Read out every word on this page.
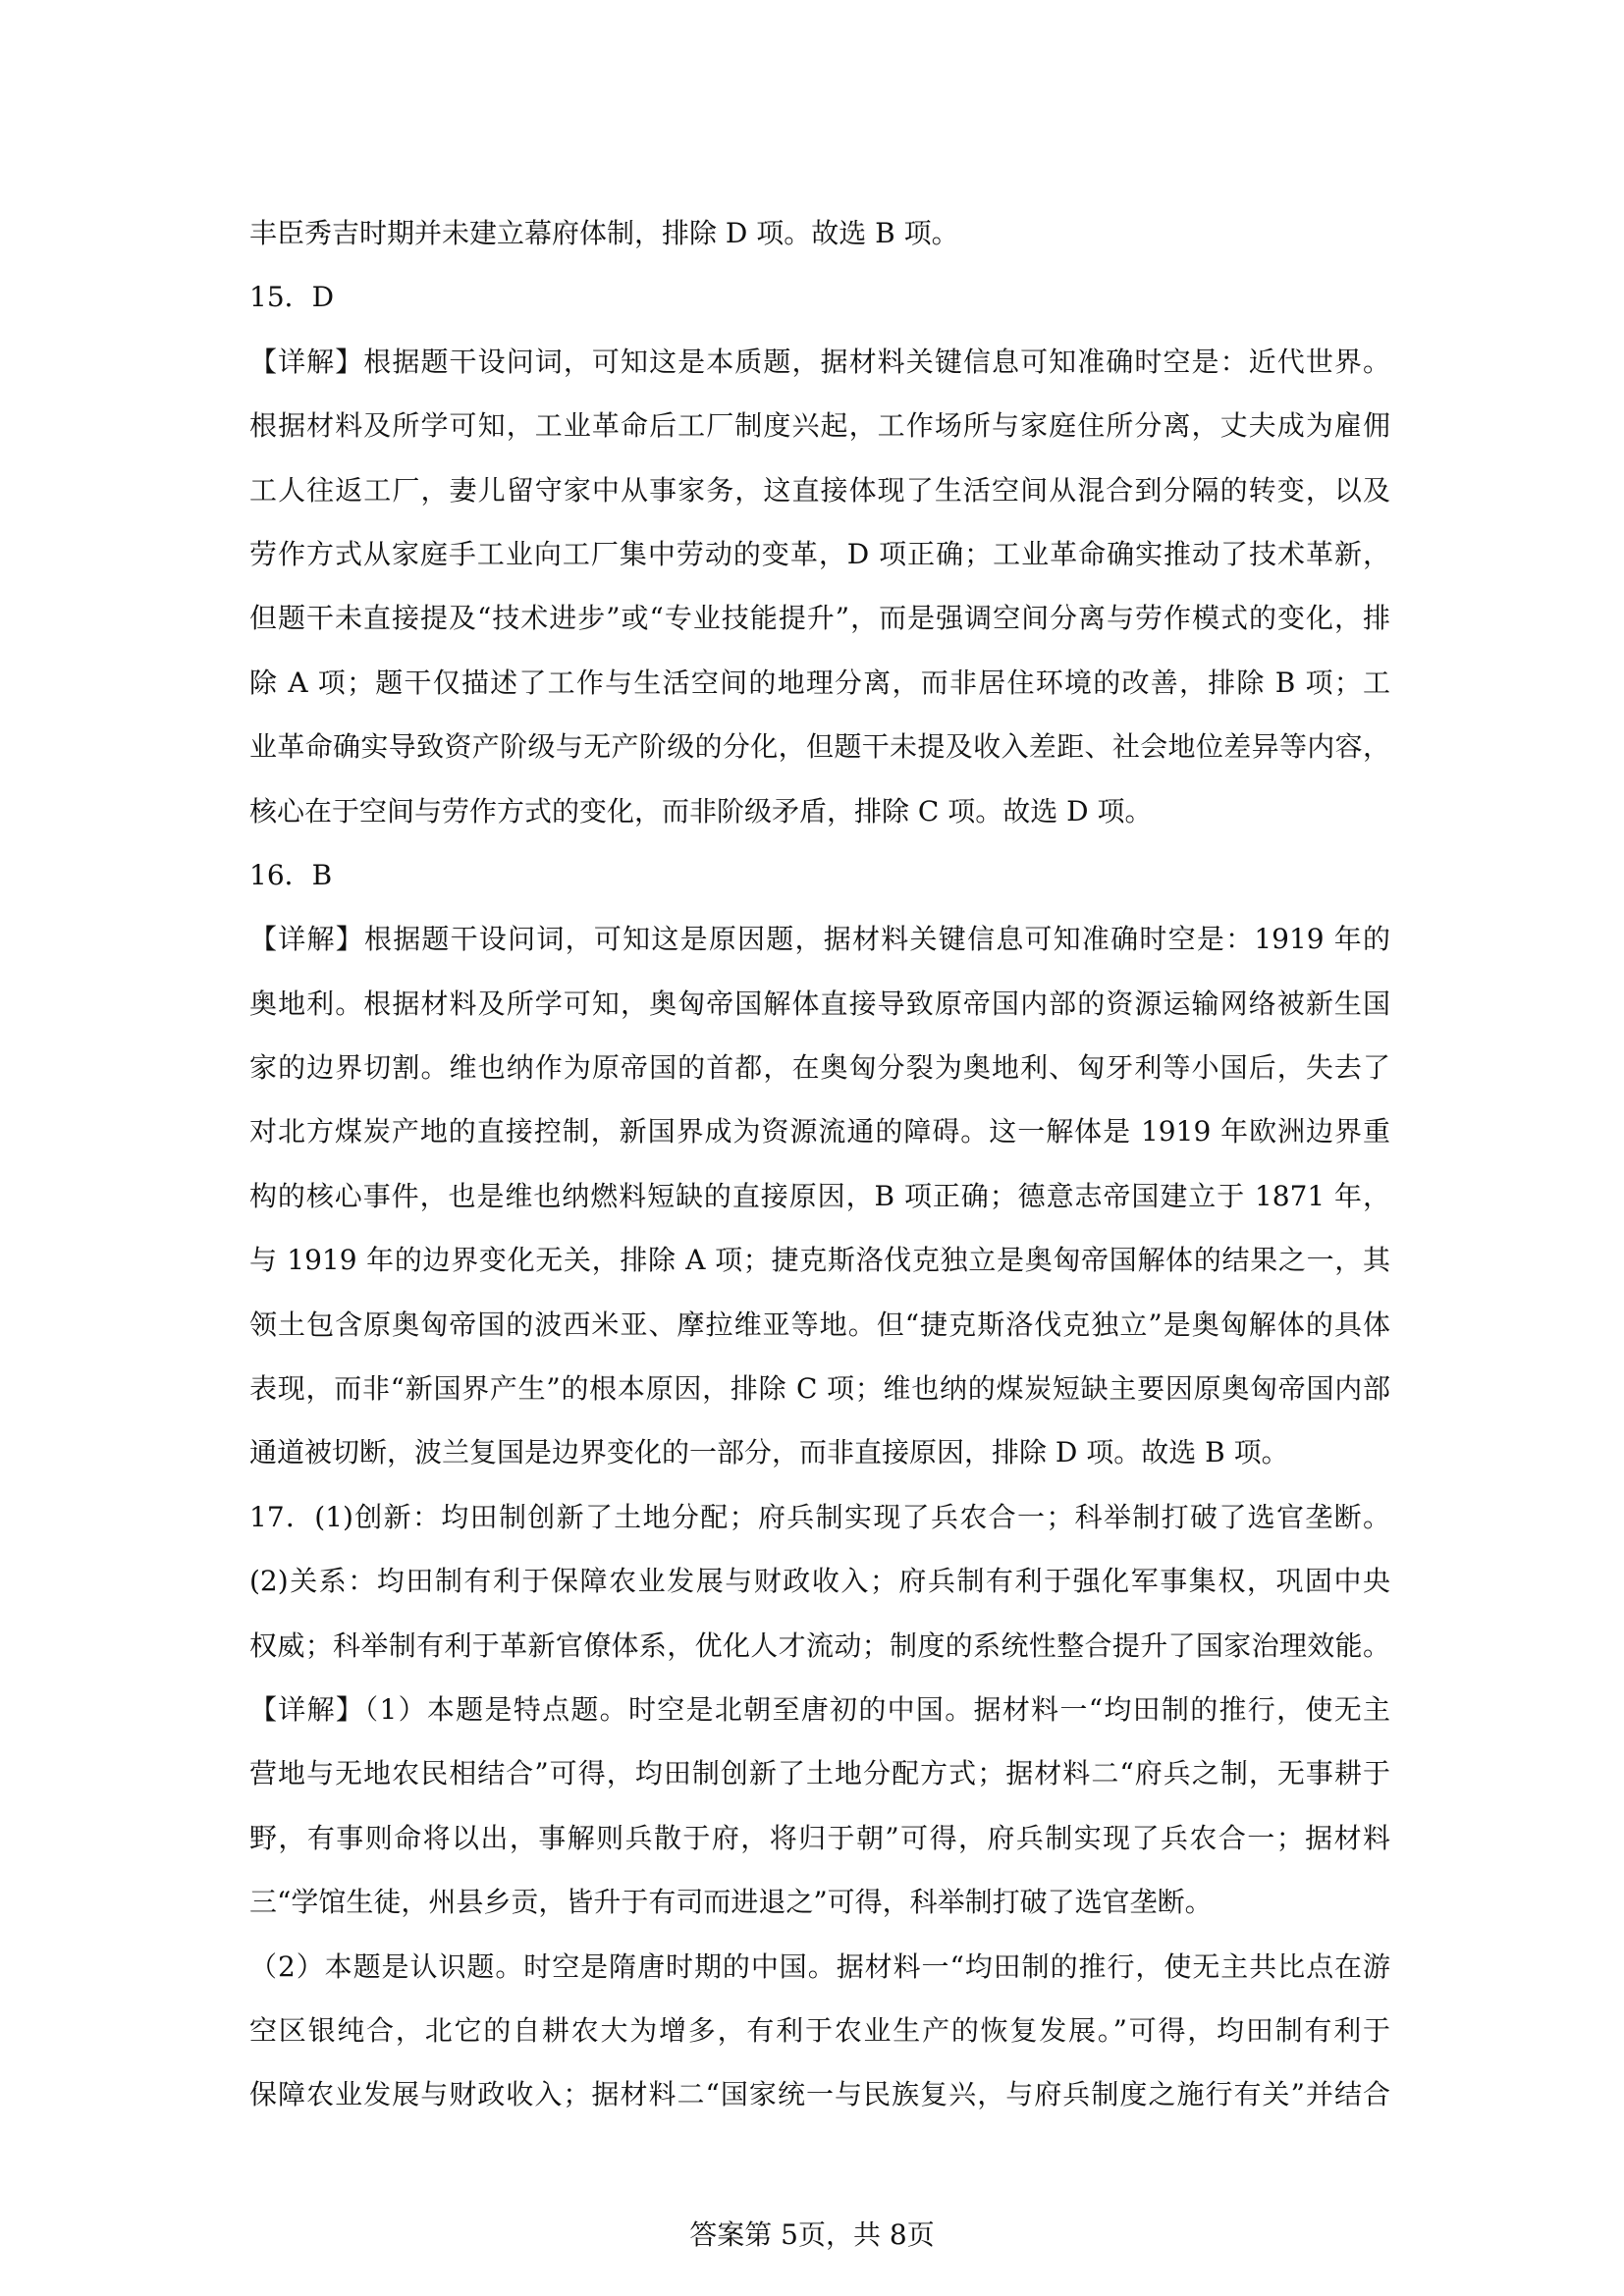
丰臣秀吉时期并未建立幕府体制，排除 D 项。故选 B 项。
15．D
【详解】根据题干设问词，可知这是本质题，据材料关键信息可知准确时空是：近代世界。
根据材料及所学可知，工业革命后工厂制度兴起，工作场所与家庭住所分离，丈夫成为雇佣
工人往返工厂，妻儿留守家中从事家务，这直接体现了生活空间从混合到分隔的转变，以及
劳作方式从家庭手工业向工厂集中劳动的变革，D 项正确；工业革命确实推动了技术革新，
但题干未直接提及“技术进步”或“专业技能提升”，而是强调空间分离与劳作模式的变化，排
除 A 项；题干仅描述了工作与生活空间的地理分离，而非居住环境的改善，排除 B 项；工
业革命确实导致资产阶级与无产阶级的分化，但题干未提及收入差距、社会地位差异等内容，
核心在于空间与劳作方式的变化，而非阶级矛盾，排除 C 项。故选 D 项。
16．B
【详解】根据题干设问词，可知这是原因题，据材料关键信息可知准确时空是：1919 年的
奥地利。根据材料及所学可知，奥匈帝国解体直接导致原帝国内部的资源运输网络被新生国
家的边界切割。维也纳作为原帝国的首都，在奥匈分裂为奥地利、匈牙利等小国后，失去了
对北方煤炭产地的直接控制，新国界成为资源流通的障碍。这一解体是 1919 年欧洲边界重
构的核心事件，也是维也纳燃料短缺的直接原因，B 项正确；德意志帝国建立于 1871 年，
与 1919 年的边界变化无关，排除 A 项；捷克斯洛伐克独立是奥匈帝国解体的结果之一，其
领土包含原奥匈帝国的波西米亚、摩拉维亚等地。但“捷克斯洛伐克独立”是奥匈解体的具体
表现，而非“新国界产生”的根本原因，排除 C 项；维也纳的煤炭短缺主要因原奥匈帝国内部
通道被切断，波兰复国是边界变化的一部分，而非直接原因，排除 D 项。故选 B 项。
17．(1)创新：均田制创新了土地分配；府兵制实现了兵农合一；科举制打破了选官垄断。
(2)关系：均田制有利于保障农业发展与财政收入；府兵制有利于强化军事集权，巩固中央
权威；科举制有利于革新官僚体系，优化人才流动；制度的系统性整合提升了国家治理效能。
【详解】（1）本题是特点题。时空是北朝至唐初的中国。据材料一“均田制的推行，使无主
营地与无地农民相结合”可得，均田制创新了土地分配方式；据材料二“府兵之制，无事耕于
野，有事则命将以出，事解则兵散于府，将归于朝”可得，府兵制实现了兵农合一；据材料
三“学馆生徒，州县乡贡，皆升于有司而进退之”可得，科举制打破了选官垄断。
（2）本题是认识题。时空是隋唐时期的中国。据材料一“均田制的推行，使无主共比点在游
空区银纯合，北它的自耕农大为增多，有利于农业生产的恢复发展。”可得，均田制有利于
保障农业发展与财政收入；据材料二“国家统一与民族复兴，与府兵制度之施行有关”并结合
答案第 5页，共 8页
